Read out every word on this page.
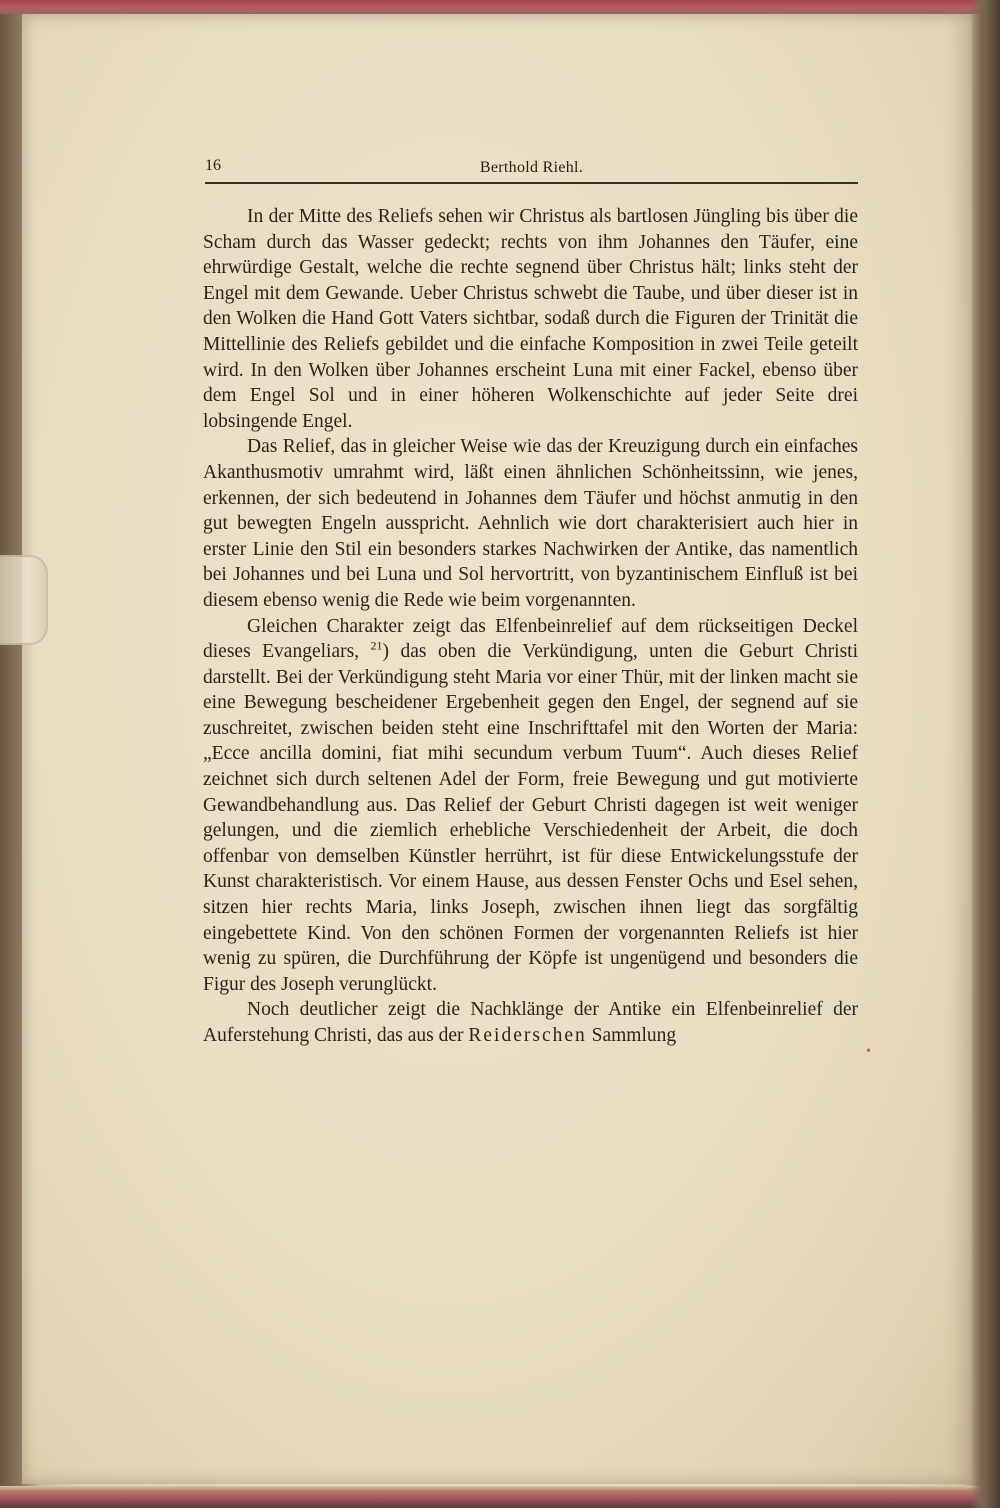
16	Berthold Riehl.

In der Mitte des Reliefs sehen wir Christus als bartlosen Jüngling bis über die Scham durch das Wasser gedeckt; rechts von ihm Johannes den Täufer, eine ehrwürdige Gestalt, welche die rechte segnend über Christus hält; links steht der Engel mit dem Gewande. Ueber Christus schwebt die Taube, und über dieser ist in den Wolken die Hand Gott Vaters sichtbar, sodaß durch die Figuren der Trinität die Mittellinie des Reliefs gebildet und die einfache Komposition in zwei Teile geteilt wird. In den Wolken über Johannes erscheint Luna mit einer Fackel, ebenso über dem Engel Sol und in einer höheren Wolkenschichte auf jeder Seite drei lobsingende Engel.

Das Relief, das in gleicher Weise wie das der Kreuzigung durch ein einfaches Akanthusmotiv umrahmt wird, läßt einen ähnlichen Schönheitssinn, wie jenes, erkennen, der sich bedeutend in Johannes dem Täufer und höchst anmutig in den gut bewegten Engeln ausspricht. Aehnlich wie dort charakterisiert auch hier in erster Linie den Stil ein besonders starkes Nachwirken der Antike, das namentlich bei Johannes und bei Luna und Sol hervortritt, von byzantinischem Einfluß ist bei diesem ebenso wenig die Rede wie beim vorgenannten.

Gleichen Charakter zeigt das Elfenbeinrelief auf dem rückseitigen Deckel dieses Evangeliars, $^{21}$) das oben die Verkündigung, unten die Geburt Christi darstellt. Bei der Verkündigung steht Maria vor einer Thür, mit der linken macht sie eine Bewegung bescheidener Ergebenheit gegen den Engel, der segnend auf sie zuschreitet, zwischen beiden steht eine Inschrifttafel mit den Worten der Maria: „Ecce ancilla domini, fiat mihi secundum verbum Tuum“. Auch dieses Relief zeichnet sich durch seltenen Adel der Form, freie Bewegung und gut motivierte Gewandbehandlung aus. Das Relief der Geburt Christi dagegen ist weit weniger gelungen, und die ziemlich erhebliche Verschiedenheit der Arbeit, die doch offenbar von demselben Künstler herrührt, ist für diese Entwickelungsstufe der Kunst charakteristisch. Vor einem Hause, aus dessen Fenster Ochs und Esel sehen, sitzen hier rechts Maria, links Joseph, zwischen ihnen liegt das sorgfältig eingebettete Kind. Von den schönen Formen der vorgenannten Reliefs ist hier wenig zu spüren, die Durchführung der Köpfe ist ungenügend und besonders die Figur des Joseph verunglückt.

Noch deutlicher zeigt die Nachklänge der Antike ein Elfenbeinrelief der Auferstehung Christi, das aus der Reiderschen Sammlung

•
